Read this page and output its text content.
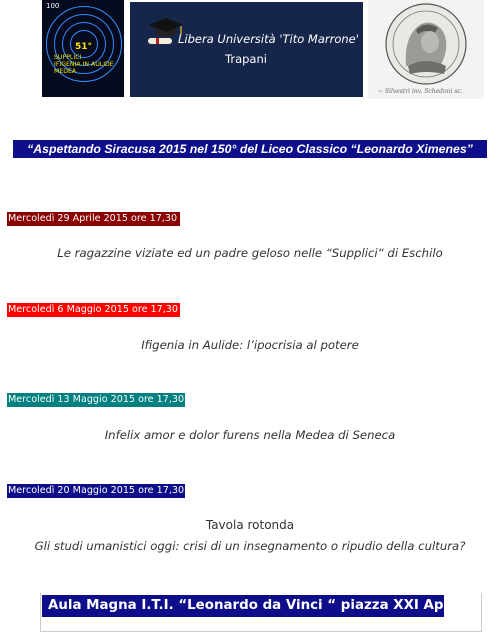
100
51°
SUPPLICI
IFIGENIA IN AULIDE
MEDEA
Libera Università 'Tito Marrone'
Trapani
~ Silvestri inv. Schedoni sc.
“Aspettando Siracusa 2015 nel 150° del Liceo Classico “Leonardo Ximenes”
Mercoledì 29 Aprile 2015 ore 17,30
Le ragazzine viziate ed un padre geloso nelle “Supplici“ di Eschilo
Mercoledì 6 Maggio 2015 ore 17,30
Ifigenia in Aulide: l’ipocrisia al potere
Mercoledì 13 Maggio 2015 ore 17,30
Infelix amor e dolor furens nella Medea di Seneca
Mercoledì 20 Maggio 2015 ore 17,30
Tavola rotonda
Gli studi umanistici oggi: crisi di un insegnamento o ripudio della cultura?
Aula Magna I.T.I. “Leonardo da Vinci “ piazza XXI Aprile
